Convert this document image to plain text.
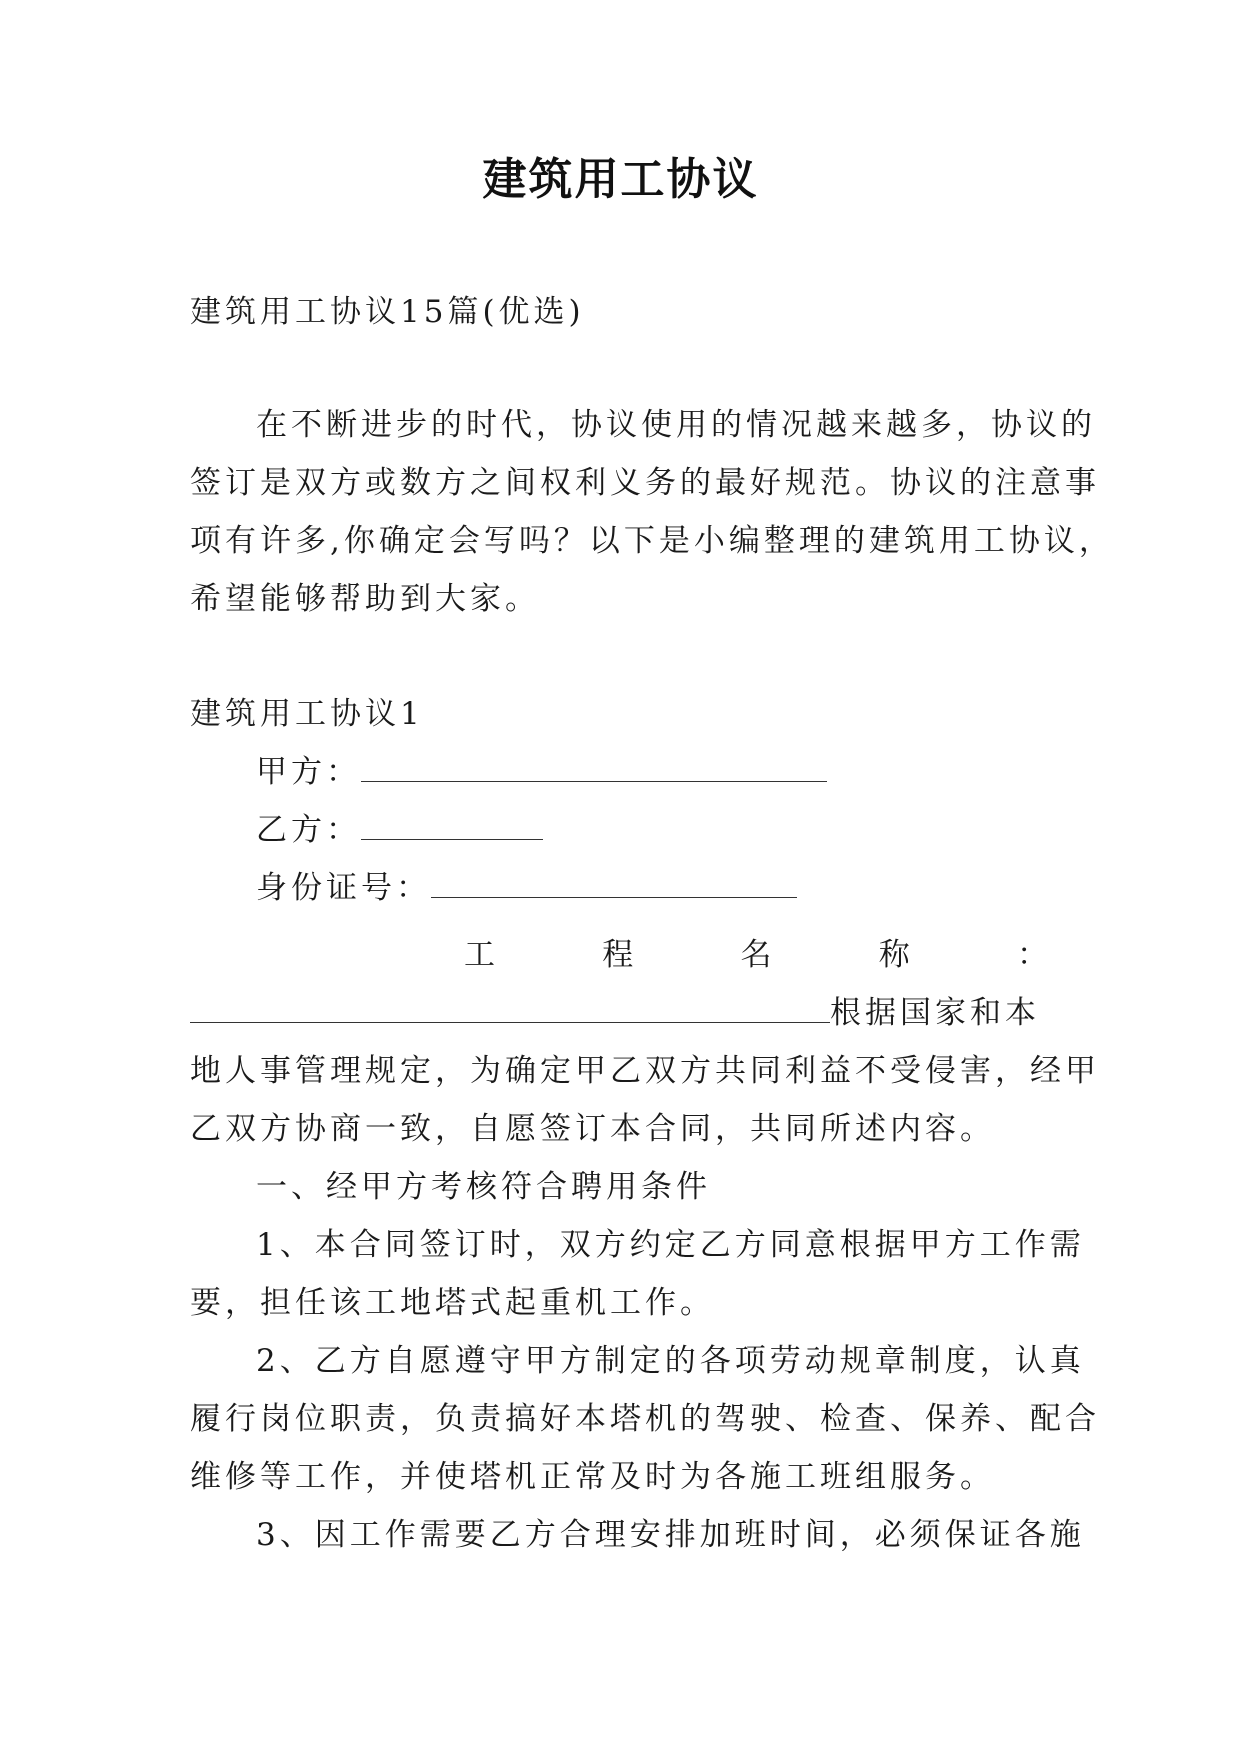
建筑用工协议
建筑用工协议15篇(优选)
在不断进步的时代，协议使用的情况越来越多，协议的
签订是双方或数方之间权利义务的最好规范。协议的注意事
项有许多,你确定会写吗？以下是小编整理的建筑用工协议，
希望能够帮助到大家。
建筑用工协议1
甲方：
乙方：
身份证号：
工	程	名	称	：
根据国家和本
地人事管理规定，为确定甲乙双方共同利益不受侵害，经甲
乙双方协商一致，自愿签订本合同，共同所述内容。
一、经甲方考核符合聘用条件
1、本合同签订时，双方约定乙方同意根据甲方工作需
要，担任该工地塔式起重机工作。
2、乙方自愿遵守甲方制定的各项劳动规章制度，认真
履行岗位职责，负责搞好本塔机的驾驶、检查、保养、配合
维修等工作，并使塔机正常及时为各施工班组服务。
3、因工作需要乙方合理安排加班时间，必须保证各施
